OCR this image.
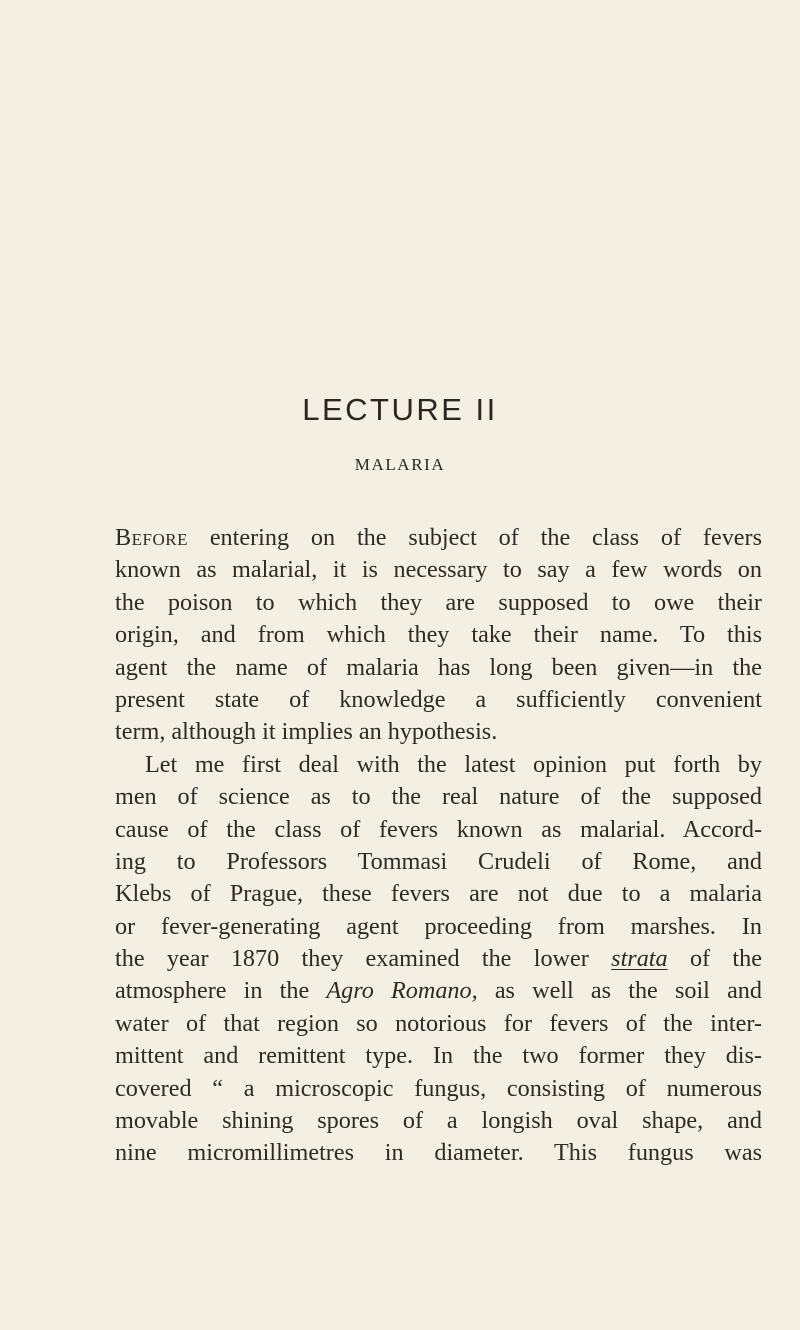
LECTURE II
MALARIA
Before entering on the subject of the class of fevers
known as malarial, it is necessary to say a few words on
the poison to which they are supposed to owe their
origin, and from which they take their name. To this
agent the name of malaria has long been given—in the
present state of knowledge a sufficiently convenient
term, although it implies an hypothesis.
Let me first deal with the latest opinion put forth by
men of science as to the real nature of the supposed
cause of the class of fevers known as malarial. Accord-
ing to Professors Tommasi Crudeli of Rome, and
Klebs of Prague, these fevers are not due to a malaria
or fever-generating agent proceeding from marshes. In
the year 1870 they examined the lower strata of the
atmosphere in the Agro Romano, as well as the soil and
water of that region so notorious for fevers of the inter-
mittent and remittent type. In the two former they dis-
covered “ a microscopic fungus, consisting of numerous
movable shining spores of a longish oval shape, and
nine micromillimetres in diameter. This fungus was
